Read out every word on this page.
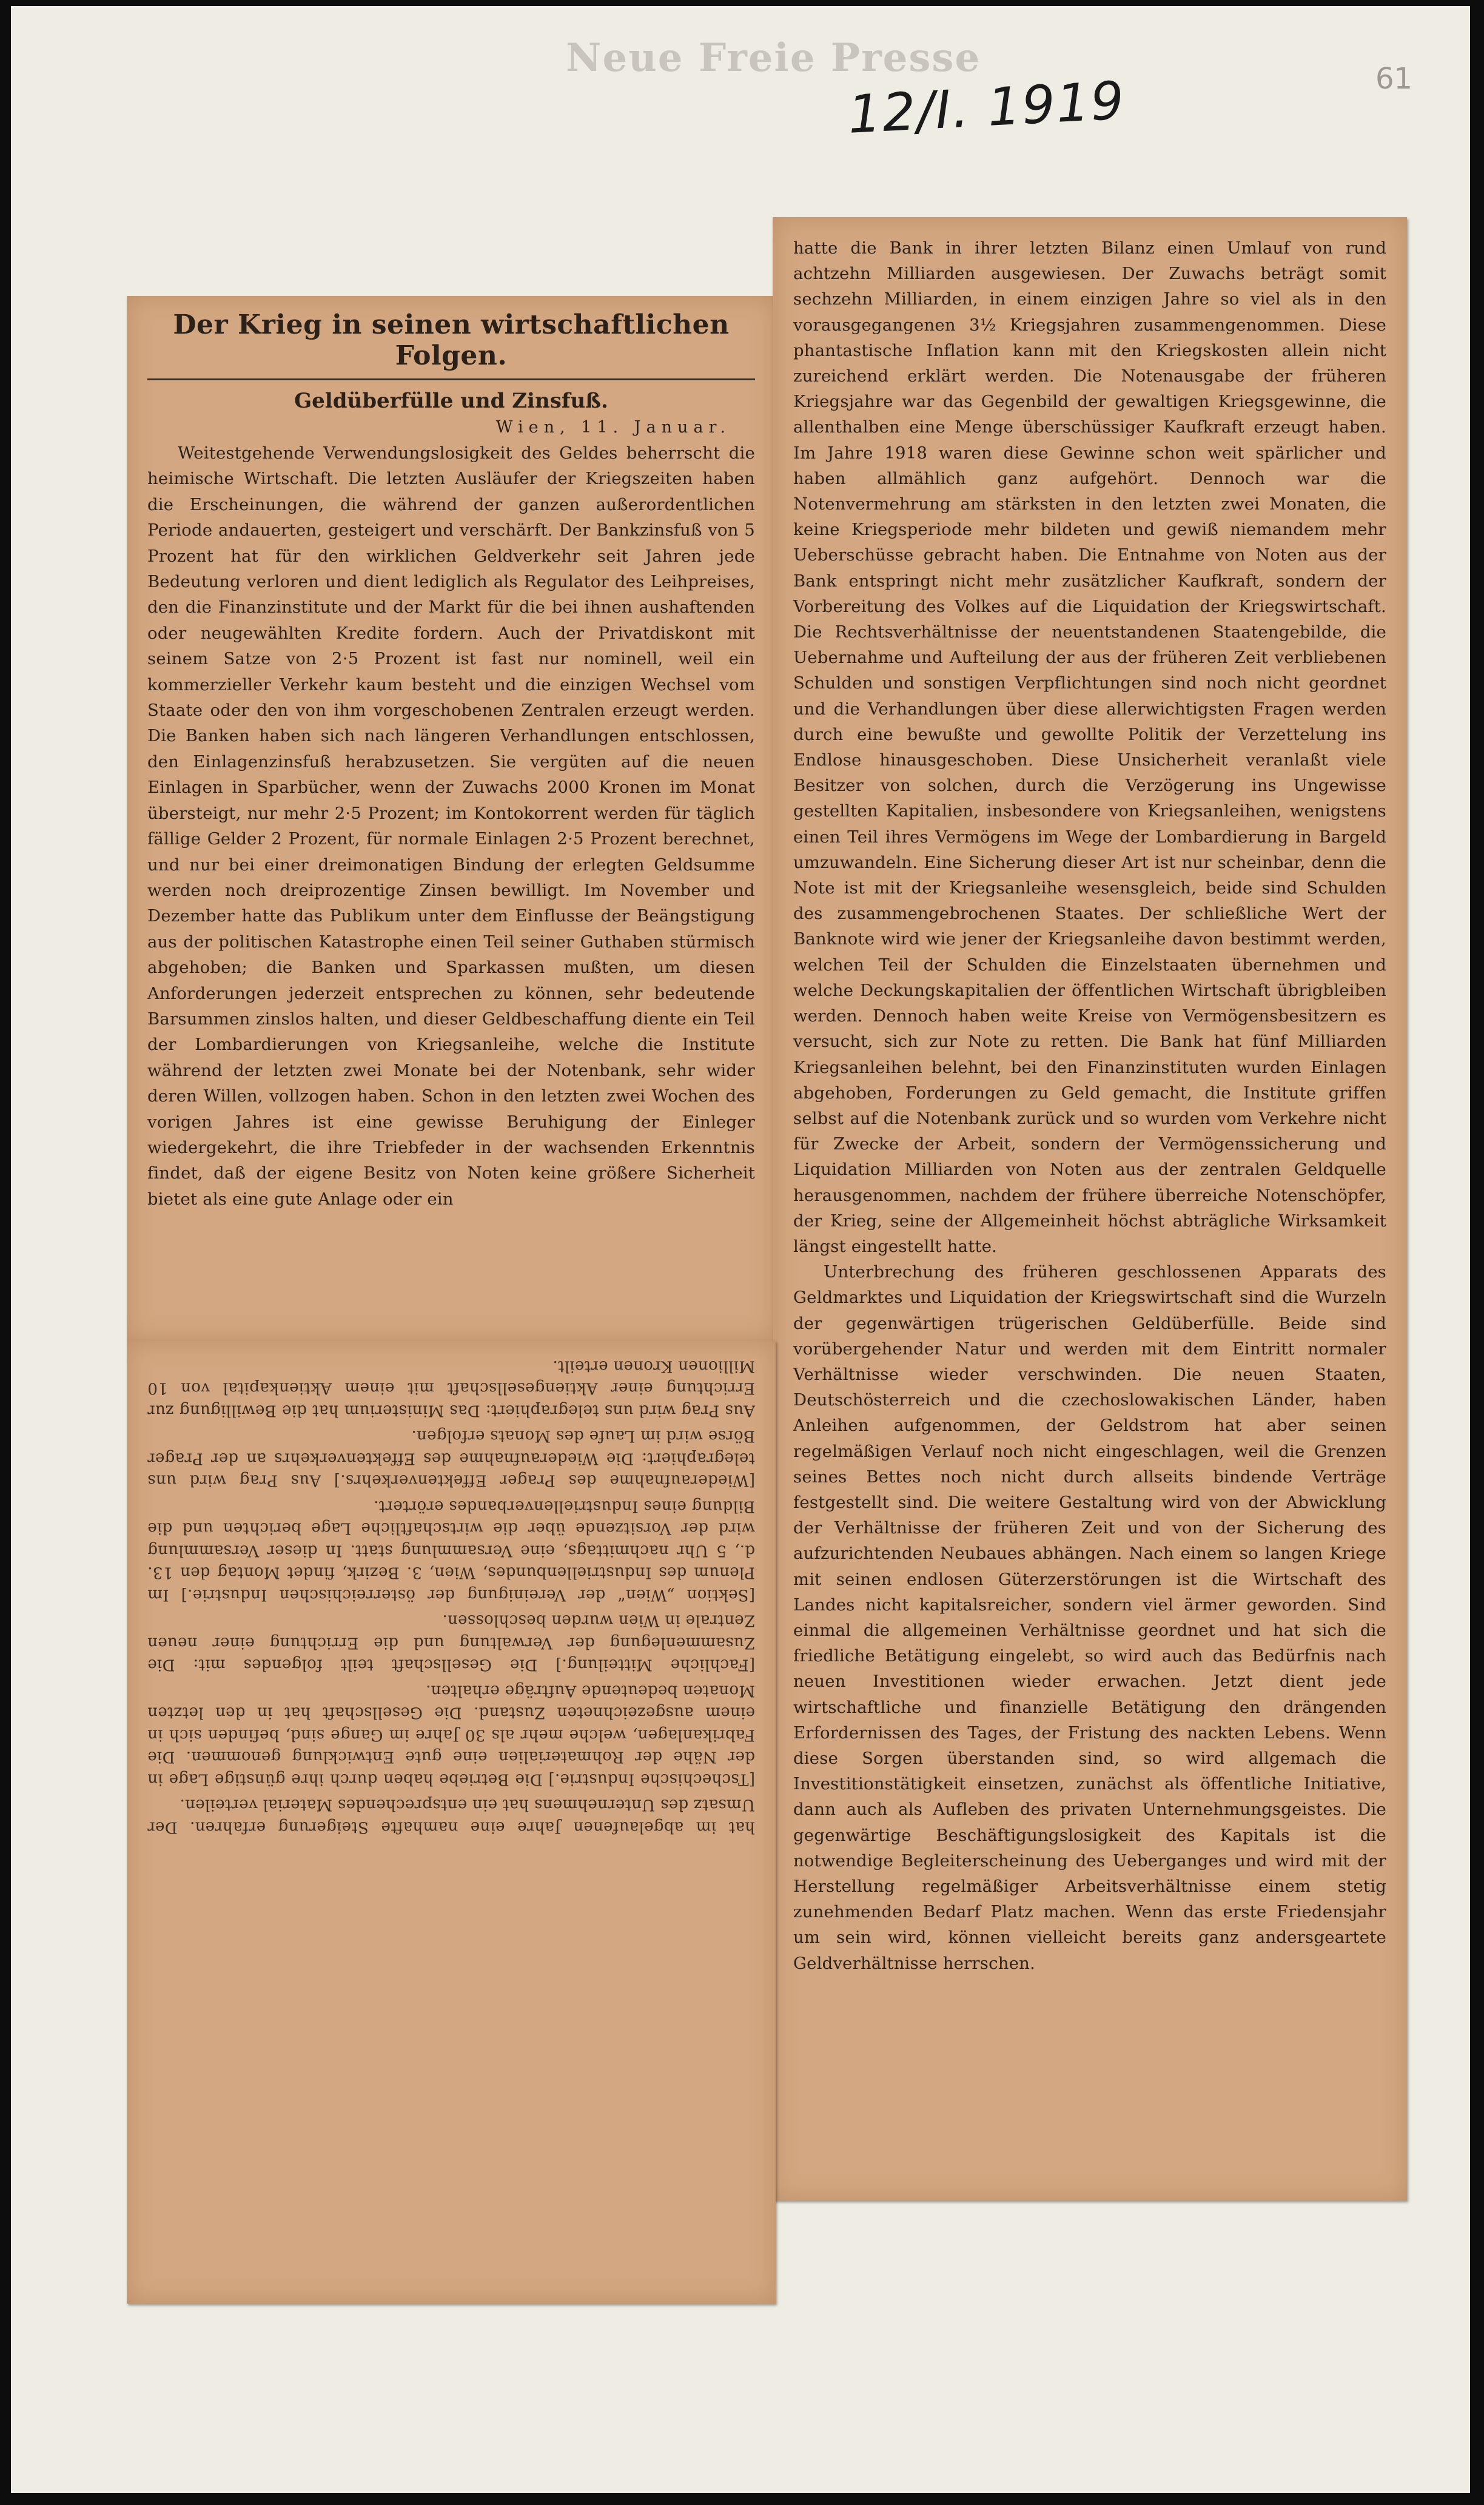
Neue Freie Presse

12/I. 1919	61

Der Krieg in seinen wirtschaftlichen Folgen.
Geldüberfülle und Zinsfuß.

Wien, 11. Januar.

Weitestgehende Verwendungslosigkeit des Geldes beherrscht die heimische Wirtschaft. Die letzten Ausläufer der Kriegszeiten haben die Erscheinungen, die während der ganzen außerordentlichen Periode andauerten, gesteigert und verschärft. Der Bankzinsfuß von 5 Prozent hat für den wirklichen Geldverkehr seit Jahren jede Bedeutung verloren und dient lediglich als Regulator des Leihpreises, den die Finanzinstitute und der Markt für die bei ihnen aushaftenden oder neugewählten Kredite fordern. Auch der Privatdiskont mit seinem Satze von 2·5 Prozent ist fast nur nominell, weil ein kommerzieller Verkehr kaum besteht und die einzigen Wechsel vom Staate oder den von ihm vorgeschobenen Zentralen erzeugt werden. Die Banken haben sich nach längeren Verhandlungen entschlossen, den Einlagenzinsfuß herabzusetzen. Sie vergüten auf die neuen Einlagen in Sparbücher, wenn der Zuwachs 2000 Kronen im Monat übersteigt, nur mehr 2·5 Prozent; im Kontokorrent werden für täglich fällige Gelder 2 Prozent, für normale Einlagen 2·5 Prozent berechnet, und nur bei einer dreimonatigen Bindung der erlegten Geldsumme werden noch dreiprozentige Zinsen bewilligt. Im November und Dezember hatte das Publikum unter dem Einflusse der Beängstigung aus der politischen Katastrophe einen Teil seiner Guthaben stürmisch abgehoben; die Banken und Sparkassen mußten, um diesen Anforderungen jederzeit entsprechen zu können, sehr bedeutende Barsummen zinslos halten, und dieser Geldbeschaffung diente ein Teil der Lombardierungen von Kriegsanleihe, welche die Institute während der letzten zwei Monate bei der Notenbank, sehr wider deren Willen, vollzogen haben. Schon in den letzten zwei Wochen des vorigen Jahres ist eine gewisse Beruhigung der Einleger wiedergekehrt, die ihre Triebfeder in der wachsenden Erkenntnis findet, daß der eigene Besitz von Noten keine größere Sicherheit bietet als eine gute Anlage oder ein

hatte die Bank in ihrer letzten Bilanz einen Umlauf von rund achtzehn Milliarden ausgewiesen. Der Zuwachs beträgt somit sechzehn Milliarden, in einem einzigen Jahre so viel als in den vorausgegangenen 3½ Kriegsjahren zusammengenommen. Diese phantastische Inflation kann mit den Kriegskosten allein nicht zureichend erklärt werden. Die Notenausgabe der früheren Kriegsjahre war das Gegenbild der gewaltigen Kriegsgewinne, die allenthalben eine Menge überschüssiger Kaufkraft erzeugt haben. Im Jahre 1918 waren diese Gewinne schon weit spärlicher und haben allmählich ganz aufgehört. Dennoch war die Notenvermehrung am stärksten in den letzten zwei Monaten, die keine Kriegsperiode mehr bildeten und gewiß niemandem mehr Ueberschüsse gebracht haben. Die Entnahme von Noten aus der Bank entspringt nicht mehr zusätzlicher Kaufkraft, sondern der Vorbereitung des Volkes auf die Liquidation der Kriegswirtschaft. Die Rechtsverhältnisse der neuentstandenen Staatengebilde, die Uebernahme und Aufteilung der aus der früheren Zeit verbliebenen Schulden und sonstigen Verpflichtungen sind noch nicht geordnet und die Verhandlungen über diese allerwichtigsten Fragen werden durch eine bewußte und gewollte Politik der Verzettelung ins Endlose hinausgeschoben. Diese Unsicherheit veranlaßt viele Besitzer von solchen, durch die Verzögerung ins Ungewisse gestellten Kapitalien, insbesondere von Kriegsanleihen, wenigstens einen Teil ihres Vermögens im Wege der Lombardierung in Bargeld umzuwandeln. Eine Sicherung dieser Art ist nur scheinbar, denn die Note ist mit der Kriegsanleihe wesensgleich, beide sind Schulden des zusammengebrochenen Staates. Der schließliche Wert der Banknote wird wie jener der Kriegsanleihe davon bestimmt werden, welchen Teil der Schulden die Einzelstaaten übernehmen und welche Deckungskapitalien der öffentlichen Wirtschaft übrigbleiben werden. Dennoch haben weite Kreise von Vermögensbesitzern es versucht, sich zur Note zu retten. Die Bank hat fünf Milliarden Kriegsanleihen belehnt, bei den Finanzinstituten wurden Einlagen abgehoben, Forderungen zu Geld gemacht, die Institute griffen selbst auf die Notenbank zurück und so wurden vom Verkehre nicht für Zwecke der Arbeit, sondern der Vermögenssicherung und Liquidation Milliarden von Noten aus der zentralen Geldquelle herausgenommen, nachdem der frühere überreiche Notenschöpfer, der Krieg, seine der Allgemeinheit höchst abträgliche Wirksamkeit längst eingestellt hatte.

Unterbrechung des früheren geschlossenen Apparats des Geldmarktes und Liquidation der Kriegswirtschaft sind die Wurzeln der gegenwärtigen trügerischen Geldüberfülle. Beide sind vorübergehender Natur und werden mit dem Eintritt normaler Verhältnisse wieder verschwinden. Die neuen Staaten, Deutschösterreich und die czechoslowakischen Länder, haben Anleihen aufgenommen, der Geldstrom hat aber seinen regelmäßigen Verlauf noch nicht eingeschlagen, weil die Grenzen seines Bettes noch nicht durch allseits bindende Verträge festgestellt sind. Die weitere Gestaltung wird von der Abwicklung der Verhältnisse der früheren Zeit und von der Sicherung des aufzurichtenden Neubaues abhängen. Nach einem so langen Kriege mit seinen endlosen Güterzerstörungen ist die Wirtschaft des Landes nicht kapitalsreicher, sondern viel ärmer geworden. Sind einmal die allgemeinen Verhältnisse geordnet und hat sich die friedliche Betätigung eingelebt, so wird auch das Bedürfnis nach neuen Investitionen wieder erwachen. Jetzt dient jede wirtschaftliche und finanzielle Betätigung den drängenden Erfordernissen des Tages, der Fristung des nackten Lebens. Wenn diese Sorgen überstanden sind, so wird allgemach die Investitionstätigkeit einsetzen, zunächst als öffentliche Initiative, dann auch als Aufleben des privaten Unternehmungsgeistes. Die gegenwärtige Beschäftigungslosigkeit des Kapitals ist die notwendige Begleiterscheinung des Ueberganges und wird mit der Herstellung regelmäßiger Arbeitsverhältnisse einem stetig zunehmenden Bedarf Platz machen. Wenn das erste Friedensjahr um sein wird, können vielleicht bereits ganz andersgeartete Geldverhältnisse herrschen.

hat im abgelaufenen Jahre eine namhafte Steigerung erfahren. Der Umsatz des Unternehmens hat ein entsprechendes Material verteilen.

[Tschechische Industrie.] Die Betriebe haben durch ihre günstige Lage in der Nähe der Rohmaterialien eine gute Entwicklung genommen. Die Fabrikanlagen, welche mehr als 30 Jahre im Gange sind, befinden sich in einem ausgezeichneten Zustand. Die Gesellschaft hat in den letzten Monaten bedeutende Aufträge erhalten.

[Fachliche Mitteilung.] Die Gesellschaft teilt folgendes mit: Die Zusammenlegung der Verwaltung und die Errichtung einer neuen Zentrale in Wien wurden beschlossen.

[Sektion „Wien“ der Vereinigung der österreichischen Industrie.] Im Plenum des Industriellenbundes, Wien, 3. Bezirk, findet Montag den 13. d., 5 Uhr nachmittags, eine Versammlung statt. In dieser Versammlung wird der Vorsitzende über die wirtschaftliche Lage berichten und die Bildung eines Industriellenverbandes erörtert.

[Wiederaufnahme des Prager Effektenverkehrs.] Aus Prag wird uns telegraphiert: Die Wiederaufnahme des Effektenverkehrs an der Prager Börse wird im Laufe des Monats erfolgen.

Aus Prag wird uns telegraphiert: Das Ministerium hat die Bewilligung zur Errichtung einer Aktiengesellschaft mit einem Aktienkapital von 10 Millionen Kronen erteilt.
